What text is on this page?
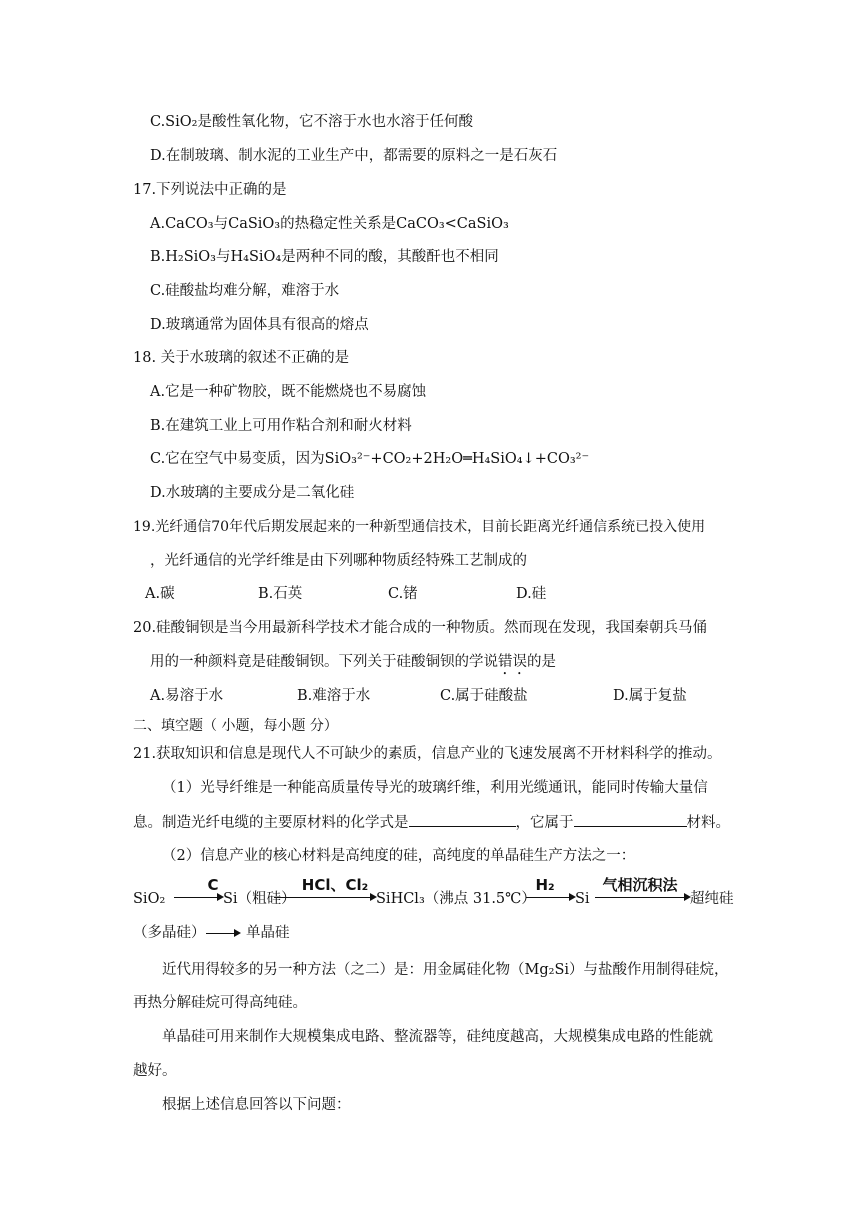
C.SiO₂是酸性氧化物，它不溶于水也水溶于任何酸
D.在制玻璃、制水泥的工业生产中，都需要的原料之一是石灰石
17.下列说法中正确的是
A.CaCO₃与CaSiO₃的热稳定性关系是CaCO₃<CaSiO₃
B.H₂SiO₃与H₄SiO₄是两种不同的酸，其酸酐也不相同
C.硅酸盐均难分解，难溶于水
D.玻璃通常为固体具有很高的熔点
18. 关于水玻璃的叙述不正确的是
A.它是一种矿物胶，既不能燃烧也不易腐蚀
B.在建筑工业上可用作粘合剂和耐火材料
C.它在空气中易变质，因为SiO₃²⁻+CO₂+2H₂O═H₄SiO₄↓+CO₃²⁻
D.水玻璃的主要成分是二氧化硅
19.光纤通信70年代后期发展起来的一种新型通信技术，目前长距离光纤通信系统已投入使用
，光纤通信的光学纤维是由下列哪种物质经特殊工艺制成的
A.碳	B.石英	C.锗	D.硅
20.硅酸铜钡是当今用最新科学技术才能合成的一种物质。然而现在发现，我国秦朝兵马俑
用的一种颜料竟是硅酸铜钡。下列关于硅酸铜钡的学说错误的是
A.易溶于水	B.难溶于水	C.属于硅酸盐	D.属于复盐
二、填空题（ 小题，每小题 分）
21.获取知识和信息是现代人不可缺少的素质，信息产业的飞速发展离不开材料科学的推动。
（1）光导纤维是一种能高质量传导光的玻璃纤维，利用光缆通讯，能同时传输大量信
息。制造光纤电缆的主要原材料的化学式是	，它属于	材料。
（2）信息产业的核心材料是高纯度的硅，高纯度的单晶硅生产方法之一：
SiO₂
C
Si（粗硅）
HCl、Cl₂
SiHCl₃（沸点 31.5℃）
H₂
Si
气相沉积法
超纯硅
（多晶硅）	单晶硅
近代用得较多的另一种方法（之二）是：用金属硅化物（Mg₂Si）与盐酸作用制得硅烷，
再热分解硅烷可得高纯硅。
单晶硅可用来制作大规模集成电路、整流器等，硅纯度越高，大规模集成电路的性能就
越好。
根据上述信息回答以下问题：
